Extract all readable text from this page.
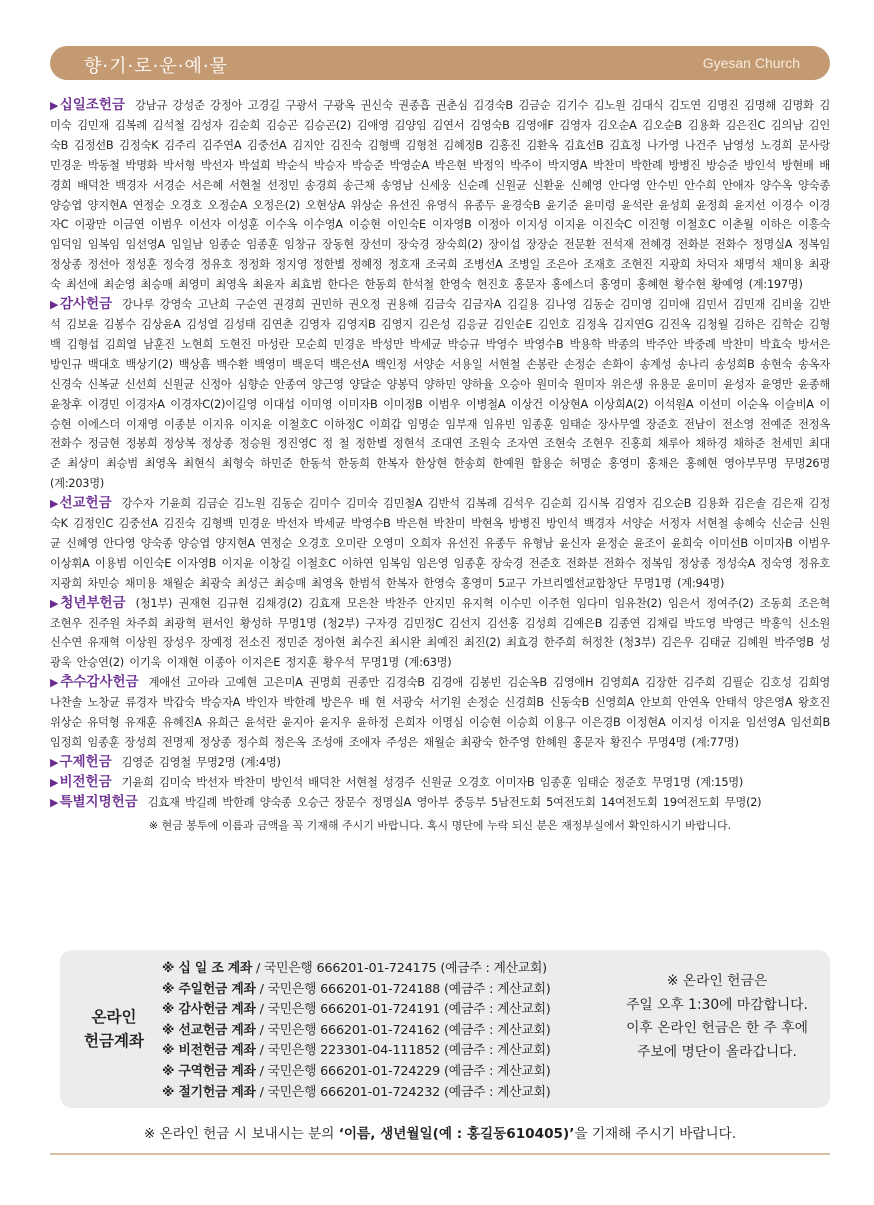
향·기·로·운·예·물	Gyesan Church

▶십일조헌금 강남규 강성준 강정아 고경길 구광서 구광옥 권신숙 권종흡 권춘심 김경숙B 김금순 김기수 김노원 김대식 김도연 김명진 김명해 김명화 김미숙 김민재 김복례 김석철 김성자 김순희 김승곤 김승곤(2) 김애영 김양임 김연서 김영숙B 김영애F 김영자 김오순A 김오순B 김용화 김은진C 김의남 김인숙B 김정선B 김정숙K 김주리 김주연A 김중선A 김지안 김진숙 김형백 김형천 김혜정B 김홍진 김환옥 김효선B 김효정 나가영 나건주 남영성 노경희 문사랑 민경운 박동철 박명화 박서형 박선자 박설희 박순식 박승자 박승준 박영순A 박은현 박정익 박주이 박지영A 박찬미 박한례 방병진 방승준 방인석 방현배 배경희 배덕찬 백경자 서경순 서은혜 서현철 선정민 송경희 송근채 송영남 신세웅 신순례 신원균 신환윤 신혜영 안다영 안수빈 안수희 안애자 양수옥 양숙종 양승엽 양지현A 연정순 오경호 오정순A 오정은(2) 오현상A 위상순 유선진 유영식 유종두 윤경숙B 윤기준 윤미령 윤석란 윤성희 윤정희 윤지선 이경수 이경자C 이광만 이금연 이범우 이선자 이성훈 이수옥 이수영A 이승현 이인숙E 이자영B 이정아 이지성 이지윤 이진숙C 이진형 이철호C 이춘월 이하은 이흥숙 임덕임 임복임 임선영A 임일남 임종순 임종훈 임창규 장동현 장선미 장숙경 장숙희(2) 장이섭 장장순 전문환 전석재 전혜경 전화분 전화수 정명실A 정복임 정상종 정선아 정성훈 정숙경 정유호 정정화 정지영 정한별 정혜정 정호재 조국희 조병선A 조병일 조은아 조재호 조현진 지광희 차덕자 채명석 채미용 최광숙 최선애 최순영 최승매 최영미 최영옥 최윤자 최효범 한다은 한동희 한석철 한영숙 현진호 홍문자 홍에스더 홍영미 홍혜현 황수현 황예영 (계:197명)

▶감사헌금 강나루 강영숙 고난희 구순연 권경희 권민하 권오정 권용해 김금숙 김금자A 김길용 김나영 김동순 김미영 김미애 김민서 김민재 김비울 김반석 김보윤 김봉수 김상윤A 김성열 김성태 김연춘 김영자 김영지B 김영지 김은성 김응균 김인순E 김인호 김정옥 김지연G 김진옥 김청월 김하은 김학순 김형백 김형섭 김희열 남훈진 노현희 도현진 마성란 모순희 민경운 박성만 박세균 박승규 박영수 박영수B 박용학 박종의 박주안 박중례 박찬미 박효숙 방서은 방인규 백대호 백상기(2) 백상흠 백수환 백영미 백운덕 백은선A 백인정 서양순 서용일 서현철 손봉란 손정순 손화이 송계성 송나리 송성희B 송현숙 송옥자 신경숙 신복균 신선희 신원균 신정아 심향순 안종여 양근영 양달순 양봉덕 양하민 양하율 오승아 원미숙 원미자 위은생 유용문 윤미미 윤성자 윤영만 윤종해 윤창후 이경민 이경자A 이경자C(2)이길영 이대섭 이미영 이미자B 이미정B 이범우 이병철A 이상건 이상현A 이상희A(2) 이석원A 이선미 이순옥 이슬비A 이승현 이에스더 이재영 이종분 이지유 이지윤 이철호C 이하정C 이희갑 임명순 임부재 임유빈 임종훈 임태순 장사무엘 장준호 전남이 전소영 전예준 전정옥 전화수 정금현 정봉희 정상복 정상종 정승원 정진영C 정 철 정한별 정현석 조대연 조원숙 조자연 조현숙 조현우 진홍희 채루아 채하경 채하준 천세민 최대준 최상미 최승범 최영옥 최현식 최형숙 하민준 한동석 한동희 한복자 한상현 한송희 한예원 함용순 허명순 홍영미 홍채은 홍혜현 영아부무명 무명26명 (계:203명)

▶선교헌금 강수자 기윤희 김금순 김노원 김동순 김미수 김미숙 김민철A 김반석 김복례 김석우 김순희 김시복 김영자 김오순B 김용화 김은솔 김은재 김정숙K 김정인C 김중선A 김진숙 김형백 민경운 박선자 박세균 박영수B 박은현 박찬미 박현옥 방병진 방인석 백경자 서양순 서정자 서현철 송혜숙 신순금 신원균 신혜영 안다영 양숙종 양승엽 양지현A 연정순 오경호 오미란 오영미 오희자 유선진 유종두 유형남 윤신자 윤정순 윤조이 윤희숙 이미선B 이미자B 이범우 이상휘A 이용범 이인숙E 이자영B 이지윤 이창길 이철호C 이하연 임복임 임은영 임종훈 장숙경 전준호 전화분 전화수 정복임 정상종 정성숙A 정숙영 정유호 지광희 차민승 채미용 채월순 최광숙 최성근 최승매 최영옥 한범석 한복자 한영숙 홍영미 5교구 가브리엘선교합창단 무명1명 (계:94명)

▶청년부헌금 (청1부) 권재현 김규현 김채경(2) 김효재 모은찬 박찬주 안지민 유지혁 이수민 이주헌 임다미 임유찬(2) 임은서 정여주(2) 조동희 조은혁 조현우 진주원 차주희 최광혁 편서인 황성하 무명1명 (청2부) 구자경 김민정C 김선지 김선홍 김성희 김예은B 김종연 김채림 박도영 박영근 박홍익 신소원 신수연 유재혁 이상원 장성우 장예정 전소진 정민준 정아현 최수진 최시완 최예진 최진(2) 최효경 한주희 허정찬 (청3부) 김은우 김태균 김혜원 박주영B 성광욱 안승연(2) 이기욱 이재현 이종아 이지은E 정지훈 황우석 무명1명 (계:63명)

▶추수감사헌금 계애선 고아라 고예현 고은미A 권명희 권종만 김경숙B 김경애 김봉빈 김순옥B 김영애H 김영희A 김장한 김주희 김필순 김호성 김희영 나찬솔 노창균 류경자 박갑숙 박승자A 박인자 박한례 방은우 배 현 서광숙 서기원 손정순 신경희B 신동숙B 신영희A 안보희 안연옥 안태석 양은영A 왕호진 위상순 유덕형 유재훈 유혜진A 유희근 윤석란 윤지아 윤지우 윤하정 은희자 이명심 이승현 이승희 이용구 이은경B 이정현A 이지성 이지윤 임선영A 임선희B 임정희 임종훈 장성희 전명제 정상종 정수희 정은옥 조성애 조애자 주성은 채월순 최광숙 한주영 한혜원 홍문자 황진수 무명4명 (계:77명)

▶구제헌금 김영준 김영철 무명2명 (계:4명)

▶비전헌금 기윤희 김미숙 박선자 박찬미 방인석 배덕찬 서현철 성경주 신원균 오경호 이미자B 임종훈 임태순 정준호 무명1명 (계:15명)

▶특별지명헌금 김효재 박길례 박한례 양숙종 오승근 장문수 정명실A 영아부 중등부 5남전도회 5여전도회 14여전도회 19여전도회 무명(2)

※ 현금 봉투에 이름과 금액을 꼭 기재해 주시기 바랍니다. 혹시 명단에 누락 되신 분은 재정부실에서 확인하시기 바랍니다.

온라인
헌금계좌
※ 십 일 조 계좌 / 국민은행 666201-01-724175 (예금주 : 계산교회)
※ 주일헌금 계좌 / 국민은행 666201-01-724188 (예금주 : 계산교회)
※ 감사헌금 계좌 / 국민은행 666201-01-724191 (예금주 : 계산교회)
※ 선교헌금 계좌 / 국민은행 666201-01-724162 (예금주 : 계산교회)
※ 비전헌금 계좌 / 국민은행 223301-04-111852 (예금주 : 계산교회)
※ 구역헌금 계좌 / 국민은행 666201-01-724229 (예금주 : 계산교회)
※ 절기헌금 계좌 / 국민은행 666201-01-724232 (예금주 : 계산교회)
※ 온라인 헌금은
주일 오후 1:30에 마감합니다.
이후 온라인 헌금은 한 주 후에
주보에 명단이 올라갑니다.
※ 온라인 헌금 시 보내시는 분의 ‘이름, 생년월일(예 : 홍길동610405)’을 기재해 주시기 바랍니다.
